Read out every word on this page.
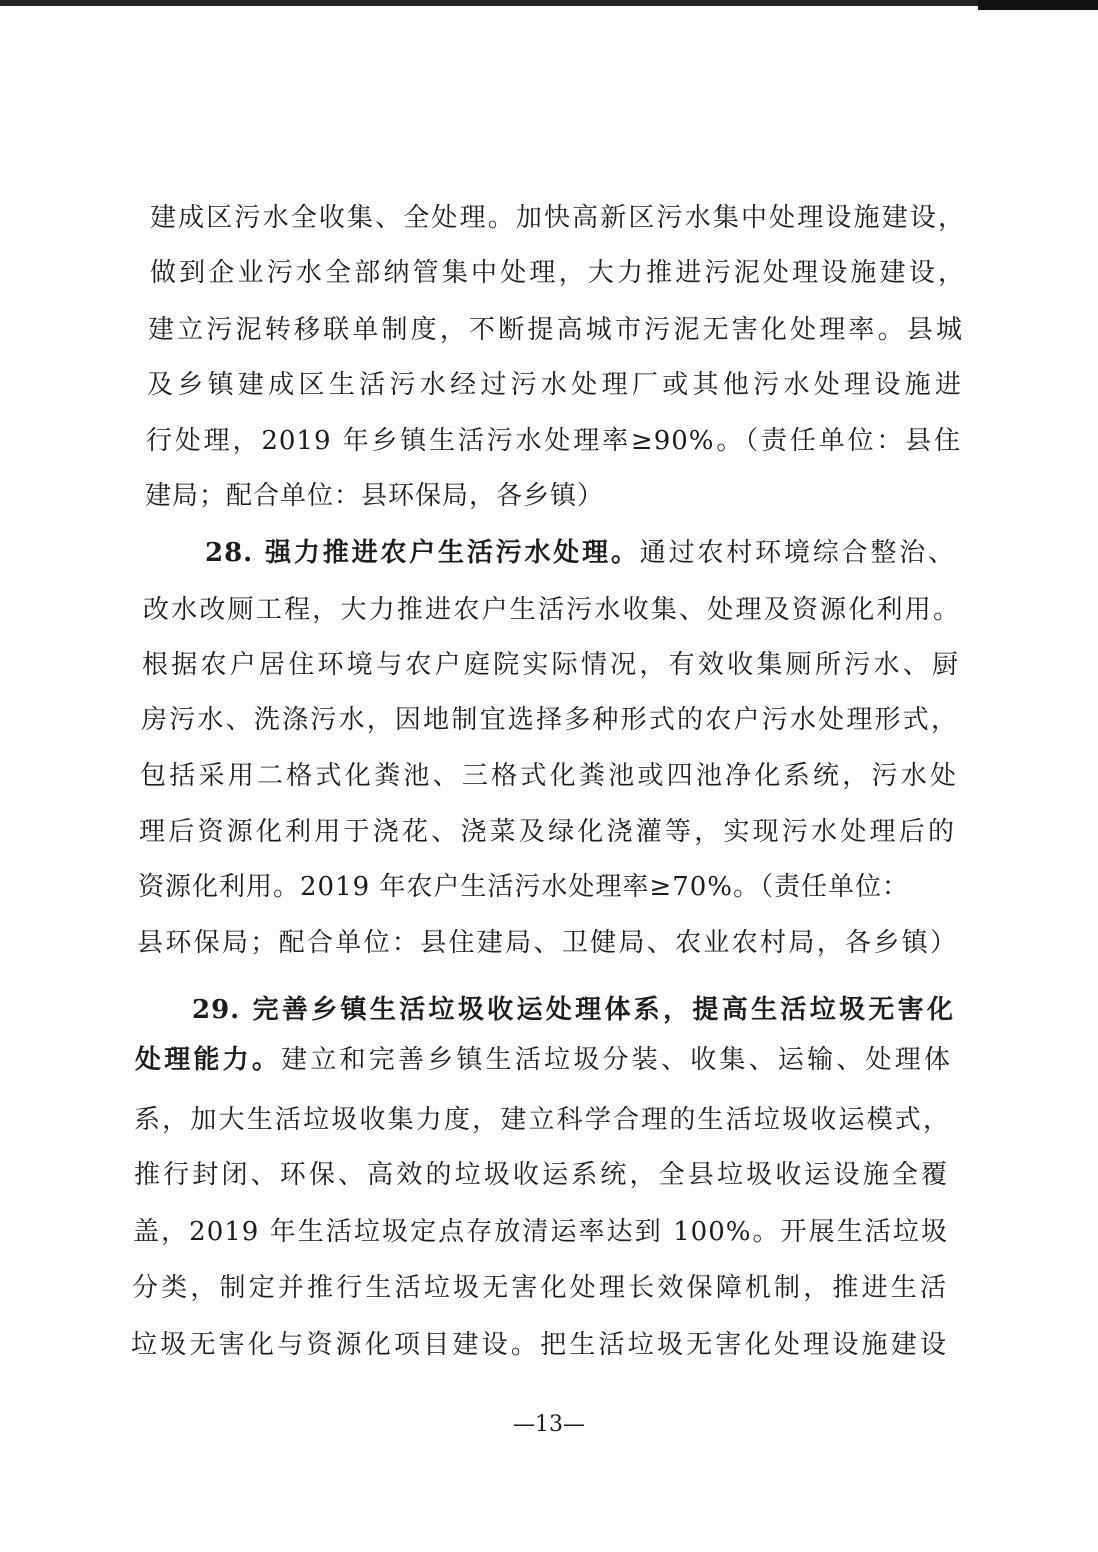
建成区污水全收集、全处理。加快高新区污水集中处理设施建设，
做到企业污水全部纳管集中处理，大力推进污泥处理设施建设，
建立污泥转移联单制度，不断提高城市污泥无害化处理率。县城
及乡镇建成区生活污水经过污水处理厂或其他污水处理设施进
行处理，2019 年乡镇生活污水处理率≥90%。（责任单位：县住
建局；配合单位：县环保局，各乡镇）
28. 强力推进农户生活污水处理。通过农村环境综合整治、
改水改厕工程，大力推进农户生活污水收集、处理及资源化利用。
根据农户居住环境与农户庭院实际情况，有效收集厕所污水、厨
房污水、洗涤污水，因地制宜选择多种形式的农户污水处理形式，
包括采用二格式化粪池、三格式化粪池或四池净化系统，污水处
理后资源化利用于浇花、浇菜及绿化浇灌等，实现污水处理后的
资源化利用。2019 年农户生活污水处理率≥70%。（责任单位：
县环保局；配合单位：县住建局、卫健局、农业农村局，各乡镇）
29. 完善乡镇生活垃圾收运处理体系，提高生活垃圾无害化
处理能力。建立和完善乡镇生活垃圾分装、收集、运输、处理体
系，加大生活垃圾收集力度，建立科学合理的生活垃圾收运模式，
推行封闭、环保、高效的垃圾收运系统，全县垃圾收运设施全覆
盖，2019 年生活垃圾定点存放清运率达到 100%。开展生活垃圾
分类，制定并推行生活垃圾无害化处理长效保障机制，推进生活
垃圾无害化与资源化项目建设。把生活垃圾无害化处理设施建设
—13—
